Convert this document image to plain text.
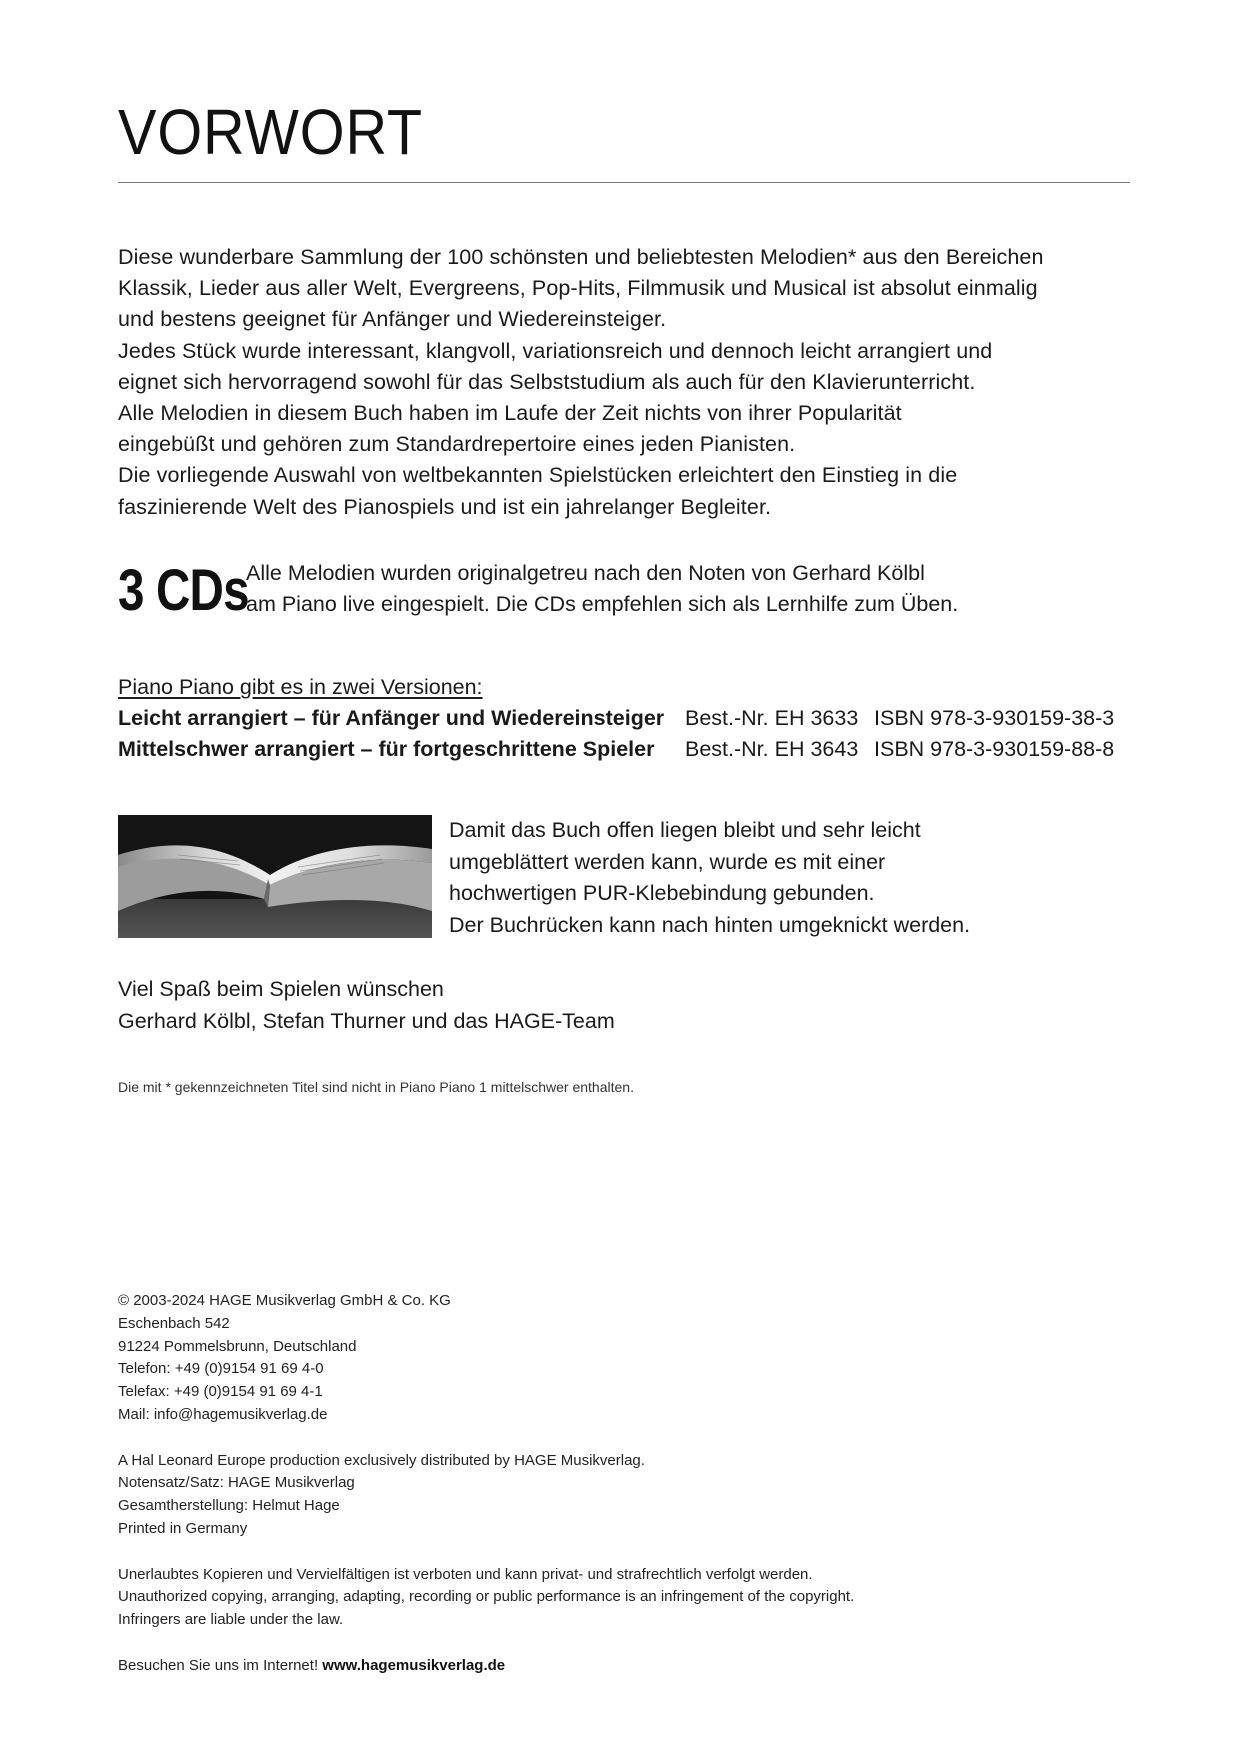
VORWORT

Diese wunderbare Sammlung der 100 schönsten und beliebtesten Melodien* aus den Bereichen

Klassik, Lieder aus aller Welt, Evergreens, Pop-Hits, Filmmusik und Musical ist absolut einmalig

und bestens geeignet für Anfänger und Wiedereinsteiger.

Jedes Stück wurde interessant, klangvoll, variationsreich und dennoch leicht arrangiert und

eignet sich hervorragend sowohl für das Selbststudium als auch für den Klavierunterricht.

Alle Melodien in diesem Buch haben im Laufe der Zeit nichts von ihrer Popularität

eingebüßt und gehören zum Standardrepertoire eines jeden Pianisten.

Die vorliegende Auswahl von weltbekannten Spielstücken erleichtert den Einstieg in die

faszinierende Welt des Pianospiels und ist ein jahrelanger Begleiter.

3 CDs

Alle Melodien wurden originalgetreu nach den Noten von Gerhard Kölbl

am Piano live eingespielt. Die CDs empfehlen sich als Lernhilfe zum Üben.

Piano Piano gibt es in zwei Versionen:

Leicht arrangiert – für Anfänger und Wiedereinsteiger Best.-Nr. EH 3633 ISBN 978-3-930159-38-3
Mittelschwer arrangiert – für fortgeschrittene Spieler Best.-Nr. EH 3643 ISBN 978-3-930159-88-8

Damit das Buch offen liegen bleibt und sehr leicht

umgeblättert werden kann, wurde es mit einer

hochwertigen PUR-Klebebindung gebunden.

Der Buchrücken kann nach hinten umgeknickt werden.

Viel Spaß beim Spielen wünschen

Gerhard Kölbl, Stefan Thurner und das HAGE-Team

Die mit * gekennzeichneten Titel sind nicht in Piano Piano 1 mittelschwer enthalten.

© 2003-2024 HAGE Musikverlag GmbH & Co. KG

Eschenbach 542

91224 Pommelsbrunn, Deutschland

Telefon: +49 (0)9154 91 69 4-0

Telefax: +49 (0)9154 91 69 4-1

Mail: info@hagemusikverlag.de

A Hal Leonard Europe production exclusively distributed by HAGE Musikverlag.

Notensatz/Satz: HAGE Musikverlag

Gesamtherstellung: Helmut Hage

Printed in Germany

Unerlaubtes Kopieren und Vervielfältigen ist verboten und kann privat- und strafrechtlich verfolgt werden.

Unauthorized copying, arranging, adapting, recording or public performance is an infringement of the copyright.

Infringers are liable under the law.

Besuchen Sie uns im Internet! www.hagemusikverlag.de
